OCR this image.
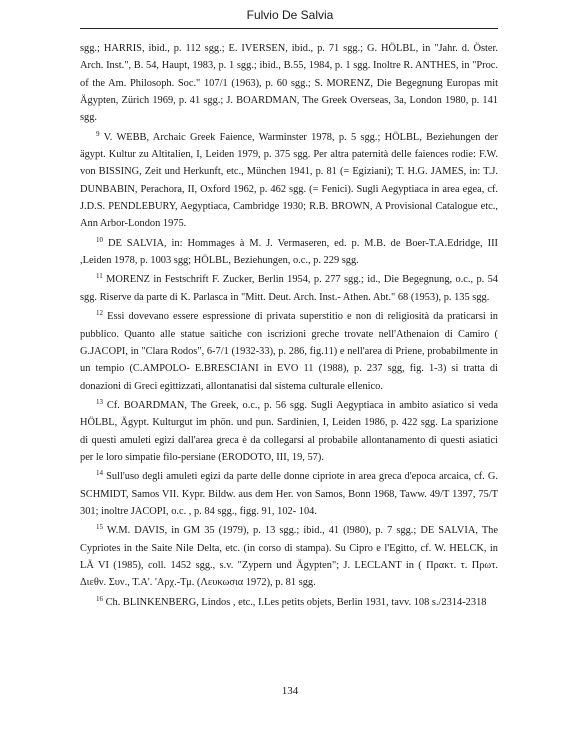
Fulvio De Salvia

sgg.; HARRIS, ibid., p. 112 sgg.; E. IVERSEN, ibid., p. 71 sgg.; G. HÖLBL, in "Jahr. d. Öster. Arch. Inst.", B. 54, Haupt, 1983, p. 1 sgg.; ibid., B.55, 1984, p. 1 sgg. Inoltre R. ANTHES, in "Proc. of the Am. Philosoph. Soc." 107/1 (1963), p. 60 sgg.; S. MORENZ, Die Begegnung Europas mit Ägypten, Zürich 1969, p. 41 sgg.; J. BOARDMAN, The Greek Overseas, 3a, London 1980, p. 141 sgg.

$^9$ V. WEBB, Archaic Greek Faience, Warminster 1978, p. 5 sgg.; HÖLBL, Beziehungen der ägypt. Kultur zu Altitalien, I, Leiden 1979, p. 375 sgg. Per altra paternità delle faiences rodie: F.W. von BISSING, Zeit und Herkunft, etc., München 1941, p. 81 (= Egiziani); T. H.G. JAMES, in: T.J. DUNBABIN, Perachora, II, Oxford 1962, p. 462 sgg. (= Fenici). Sugli Aegyptiaca in area egea, cf. J.D.S. PENDLEBURY, Aegyptiaca, Cambridge 1930; R.B. BROWN, A Provisional Catalogue etc., Ann Arbor-London 1975.

$^{10}$ DE SALVIA, in: Hommages à M. J. Vermaseren, ed. p. M.B. de Boer-T.A.Edridge, III ,Leiden 1978, p. 1003 sgg; HÖLBL, Beziehungen, o.c., p. 229 sgg.

$^{11}$ MORENZ in Festschrift F. Zucker, Berlin 1954, p. 277 sgg.; id., Die Begegnung, o.c., p. 54 sgg. Riserve da parte di K. Parlasca in "Mitt. Deut. Arch. Inst.- Athen. Abt." 68 (1953), p. 135 sgg.

$^{12}$ Essi dovevano essere espressione di privata superstitio e non di religiosità da praticarsi in pubblico. Quanto alle statue saitiche con iscrizioni greche trovate nell'Athenaion di Camiro ( G.JACOPI, in "Clara Rodos", 6-7/1 (1932-33), p. 286, fig.11) e nell'area di Priene, probabilmente in un tempio (C.AMPOLO- E.BRESCIANI in EVO 11 (1988), p. 237 sgg, fig. 1-3) si tratta di donazioni di Greci egittizzati, allontanatisi dal sistema culturale ellenico.

$^{13}$ Cf. BOARDMAN, The Greek, o.c., p. 56 sgg. Sugli Aegyptiaca in ambito asiatico si veda HÖLBL, Ägypt. Kulturgut im phön. und pun. Sardinien, I, Leiden 1986, p. 422 sgg. La sparizione di questi amuleti egizi dall'area greca è da collegarsi al probabile allontanamento di questi asiatici per le loro simpatie filo-persiane (ERODOTO, III, 19, 57).

$^{14}$ Sull'uso degli amuleti egizi da parte delle donne cipriote in area greca d'epoca arcaica, cf. G. SCHMIDT, Samos VII. Kypr. Bildw. aus dem Her. von Samos, Bonn 1968, Taww. 49/T 1397, 75/T 301; inoltre JACOPI, o.c. , p. 84 sgg., figg. 91, 102- 104.

$^{15}$ W.M. DAVIS, in GM 35 (1979), p. 13 sgg.; ibid., 41 (l980), p. 7 sgg.; DE SALVIA, The Cypriotes in the Saite Nile Delta, etc. (in corso di stampa). Su Cipro e l'Egitto, cf. W. HELCK, in LÄ VI (1985), coll. 1452 sgg., s.v. "Zypern und Ägypten"; J. LECLANT in ( Πρακτ. τ. Πρωτ. Διεθν. Συν., Τ.Α'. 'Αρχ.-Τμ. (Λευκωσια 1972), p. 81 sgg.

$^{16}$ Ch. BLINKENBERG, Lindos , etc., I.Les petits objets, Berlin 1931, tavv. 108 s./2314-2318

134
